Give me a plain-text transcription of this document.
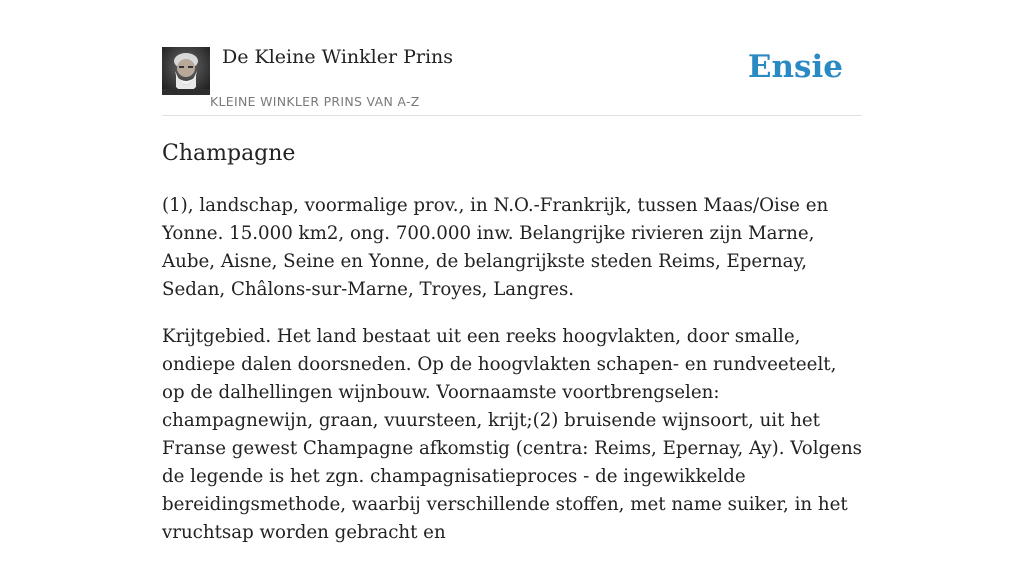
De Kleine Winkler Prins
KLEINE WINKLER PRINS VAN A-Z
Ensie
Champagne

(1), landschap, voormalige prov., in N.O.-Frankrijk, tussen Maas/Oise en Yonne. 15.000 km2, ong. 700.000 inw. Belangrijke rivieren zijn Marne, Aube, Aisne, Seine en Yonne, de belangrijkste steden Reims, Epernay, Sedan, Châlons-sur-Marne, Troyes, Langres.

Krijtgebied. Het land bestaat uit een reeks hoogvlakten, door smalle, ondiepe dalen doorsneden. Op de hoogvlakten schapen- en rundveeteelt, op de dalhellingen wijnbouw. Voornaamste voortbrengselen: champagnewijn, graan, vuursteen, krijt;(2) bruisende wijnsoort, uit het Franse gewest Champagne afkomstig (centra: Reims, Epernay, Ay). Volgens de legende is het zgn. champagnisatieproces - de ingewikkelde bereidingsmethode, waarbij verschillende stoffen, met name suiker, in het vruchtsap worden gebracht en
